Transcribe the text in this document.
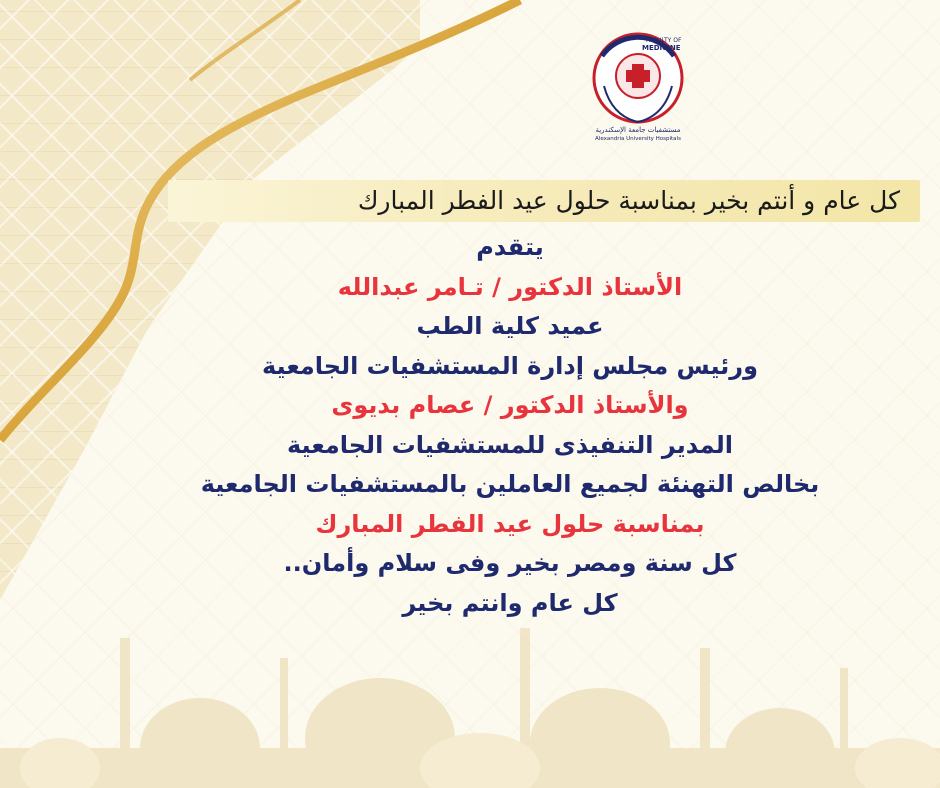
FACULTY OF
MEDICINE
مستشفيات جامعة الإسكندرية
Alexandria University Hospitals
كل عام و أنتم بخير بمناسبة حلول عيد الفطر المبارك
يتقدم
الأستاذ الدكتور / تـامر عبدالله
عميد كلية الطب
ورئيس مجلس إدارة المستشفيات الجامعية
والأستاذ الدكتور / عصام بديوى
المدير التنفيذى للمستشفيات الجامعية
بخالص التهنئة لجميع العاملين بالمستشفيات الجامعية
بمناسبة حلول عيد الفطر المبارك
كل سنة ومصر بخير وفى سلام وأمان..
كل عام وانتم بخير
